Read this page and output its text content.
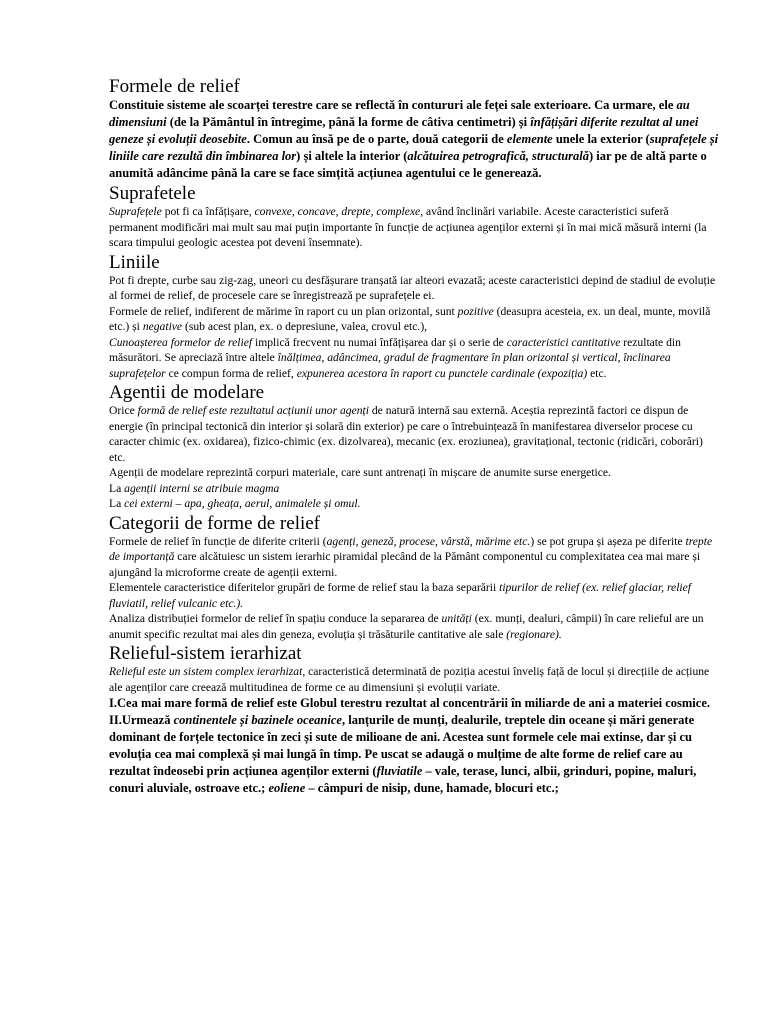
Formele de relief

Constituie sisteme ale scoarței terestre care se reflectă în contururi ale feței sale exterioare. Ca urmare, ele au dimensiuni (de la Pământul în întregime, până la forme de câtiva centimetri) și înfățișări diferite rezultat al unei geneze și evoluții deosebite. Comun au însă pe de o parte, două categorii de elemente unele la exterior (suprafețele și liniile care rezultă din îmbinarea lor) și altele la interior (alcătuirea petrografică, structurală) iar pe de altă parte o anumită adâncime până la care se face simțită acțiunea agentului ce le generează.

Suprafetele

Suprafețele pot fi ca înfățișare, convexe, concave, drepte, complexe, având înclinări variabile. Aceste caracteristici suferă permanent modificări mai mult sau mai puțin importante în funcție de acțiunea agenților externi și în mai mică măsură interni (la scara timpului geologic acestea pot deveni însemnate).

Liniile

Pot fi drepte, curbe sau zig-zag, uneori cu desfășurare tranșată iar alteori evazată; aceste caracteristici depind de stadiul de evoluție al formei de relief, de procesele care se înregistrează pe suprafețele ei.

Formele de relief, indiferent de mărime în raport cu un plan orizontal, sunt pozitive (deasupra acesteia, ex. un deal, munte, movilă etc.) și negative (sub acest plan, ex. o depresiune, valea, crovul etc.),

Cunoașterea formelor de relief implică frecvent nu numai înfățișarea dar și o serie de caracteristici cantitative rezultate din măsurători. Se apreciază între altele înălțimea, adâncimea, gradul de fragmentare în plan orizontal și vertical, înclinarea suprafețelor ce compun forma de relief, expunerea acestora în raport cu punctele cardinale (expoziția) etc.

Agentii de modelare

Orice formă de relief este rezultatul acțiunii unor agenți de natură internă sau externă. Aceștia reprezintă factori ce dispun de energie (în principal tectonică din interior și solară din exterior) pe care o întrebuințează în manifestarea diverselor procese cu caracter chimic (ex. oxidarea), fizico-chimic (ex. dizolvarea), mecanic (ex. eroziunea), gravitațional, tectonic (ridicări, coborâri) etc.

Agenții de modelare reprezintă corpuri materiale, care sunt antrenați în mișcare de anumite surse energetice.

La agenții interni se atribuie magma

La cei externi – apa, gheața, aerul, animalele și omul.

Categorii de forme de relief

Formele de relief în funcție de diferite criterii (agenți, geneză, procese, vârstă, mărime etc.) se pot grupa și așeza pe diferite trepte de importanță care alcătuiesc un sistem ierarhic piramidal plecând de la Pământ componentul cu complexitatea cea mai mare și ajungând la microforme create de agenții externi.

Elementele caracteristice diferitelor grupări de forme de relief stau la baza separării tipurilor de relief (ex. relief glaciar, relief fluviatil, relief vulcanic etc.).

Analiza distribuției formelor de relief în spațiu conduce la separarea de unități (ex. munți, dealuri, câmpii) în care relieful are un anumit specific rezultat mai ales din geneza, evoluția și trăsăturile cantitative ale sale (regionare).

Relieful-sistem ierarhizat

Relieful este un sistem complex ierarhizat, caracteristică determinată de poziția acestui înveliș față de locul și direcțiile de acțiune ale agenților care creează multitudinea de forme ce au dimensiuni și evoluții variate.

I.Cea mai mare formă de relief este Globul terestru rezultat al concentrării în miliarde de ani a materiei cosmice.

II.Urmează continentele și bazinele oceanice, lanțurile de munți, dealurile, treptele din oceane și mări generate dominant de forțele tectonice în zeci și sute de milioane de ani. Acestea sunt formele cele mai extinse, dar și cu evoluția cea mai complexă și mai lungă în timp. Pe uscat se adaugă o mulțime de alte forme de relief care au rezultat îndeosebi prin acțiunea agenților externi (fluviatile – vale, terase, lunci, albii, grinduri, popine, maluri, conuri aluviale, ostroave etc.; eoliene – câmpuri de nisip, dune, hamade, blocuri etc.;
